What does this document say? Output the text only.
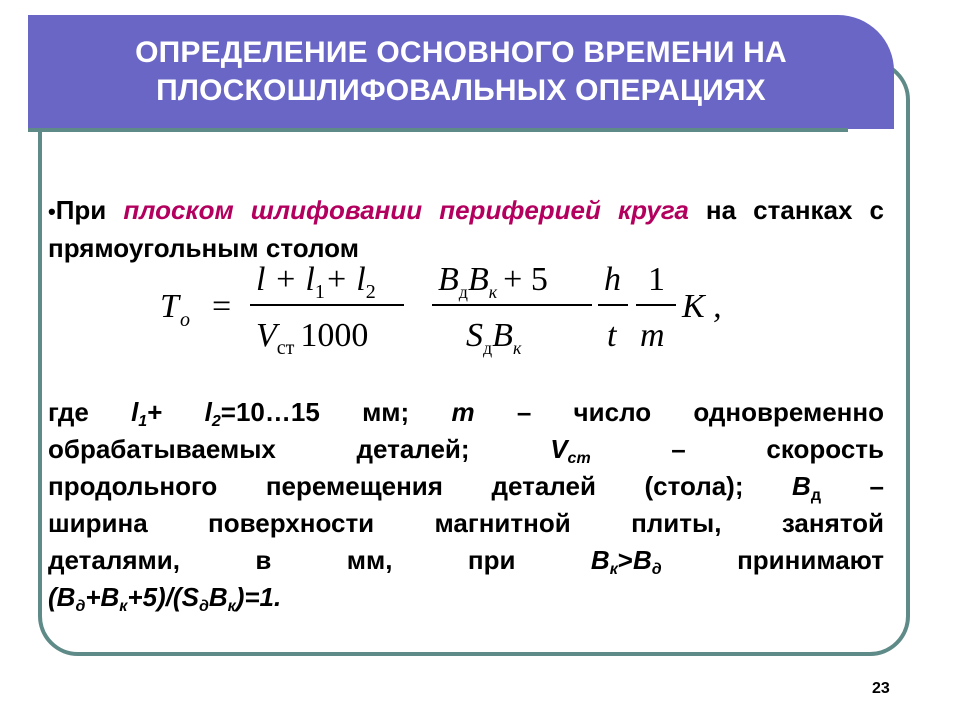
ОПРЕДЕЛЕНИЕ ОСНОВНОГО ВРЕМЕНИ НА
ПЛОСКОШЛИФОВАЛЬНЫХ ОПЕРАЦИЯХ
•При плоском шлифовании периферией круга на станках с прямоугольным столом
T o =
$l + l_1+ l_2$
$V_{ст}$ 1000
$B_дB_к + 5$
$S_дB_к$
h
t
1
m
K ,
где $l_1+$ $l_2=10\dots 15$ мм; m – число одновременно
обрабатываемых	деталей;	$V_{ст}$	–	скорость
продольного перемещения деталей (стола); $B_д$ –
ширина поверхности магнитной плиты, занятой
деталями,	в	мм,	при	$B_к>B_д$	принимают
$(B_д+B_к+5)/(S_дB_к)=1$.
23
